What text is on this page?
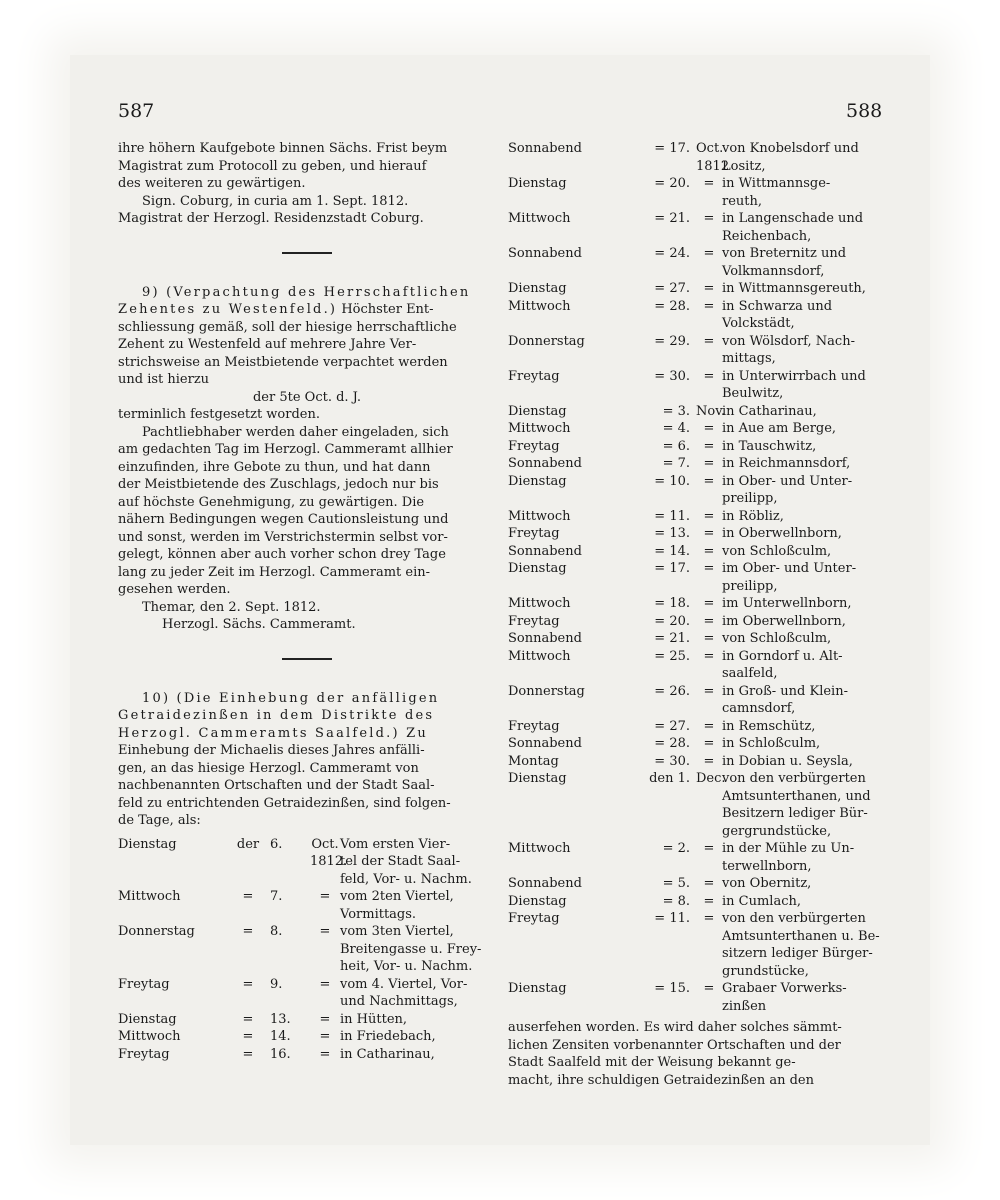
587	588

ihre höhern Kaufgebote binnen Sächs. Frist beym

Magistrat zum Protocoll zu geben, und hierauf

des weiteren zu gewärtigen.

Sign. Coburg, in curia am 1. Sept. 1812.

Magistrat der Herzogl. Residenzstadt Coburg.

9) (Verpachtung des Herrschaftlichen

Zehentes zu Westenfeld.) Höchster Ent-

schliessung gemäß, soll der hiesige herrschaftliche

Zehent zu Westenfeld auf mehrere Jahre Ver-

strichsweise an Meistbietende verpachtet werden

und ist hierzu

der 5te Oct. d. J.

terminlich festgesetzt worden.

Pachtliebhaber werden daher eingeladen, sich

am gedachten Tag im Herzogl. Cammeramt allhier

einzufinden, ihre Gebote zu thun, und hat dann

der Meistbietende des Zuschlags, jedoch nur bis

auf höchste Genehmigung, zu gewärtigen. Die

nähern Bedingungen wegen Cautionsleistung und

und sonst, werden im Verstrichstermin selbst vor-

gelegt, können aber auch vorher schon drey Tage

lang zu jeder Zeit im Herzogl. Cammeramt ein-

gesehen werden.

Themar, den 2. Sept. 1812.

Herzogl. Sächs. Cammeramt.

10) (Die Einhebung der anfälligen

Getraidezinßen in dem Distrikte des

Herzogl. Cammeramts Saalfeld.) Zu

Einhebung der Michaelis dieses Jahres anfälli-

gen, an das hiesige Herzogl. Cammeramt von

nachbenannten Ortschaften und der Stadt Saal-

feld zu entrichtenden Getraidezinßen, sind folgen-

de Tage, als:

Dienstag	der 6.	Oct. 1812.
Vom ersten Vier-
tel der Stadt Saal-
feld, Vor- u. Nachm.
Mittwoch	=	7.	= vom 2ten Viertel,
Vormittags.
Donnerstag	=	8.	= vom 3ten Viertel,
Breitengasse u. Frey-
heit, Vor- u. Nachm.
Freytag	=	9.	= vom 4. Viertel, Vor-
und Nachmittags,
Dienstag	=	13.	= in Hütten,
Mittwoch	=	14.	= in Friedebach,
Freytag	=	16.	= in Catharinau,
Sonnabend	= 17. Oct. 1812
von Knobelsdorf und
Lositz,
Dienstag	= 20.	= in Wittmannsge-
reuth,
Mittwoch	= 21.	= in Langenschade und
Reichenbach,
Sonnabend	= 24.	= von Breternitz und
Volkmannsdorf,
Dienstag	= 27.	= in Wittmannsgereuth,
Mittwoch	= 28.	= in Schwarza und
Volckstädt,
Donnerstag	= 29.	= von Wölsdorf, Nach-
mittags,
Freytag	= 30.	= in Unterwirrbach und
Beulwitz,
Dienstag	= 3. Nov.
in Catharinau,
Mittwoch	= 4.	= in Aue am Berge,
Freytag	= 6.	= in Tauschwitz,
Sonnabend	= 7.	= in Reichmannsdorf,
Dienstag	= 10.	= in Ober- und Unter-
preilipp,
Mittwoch	= 11.	= in Röbliz,
Freytag	= 13.	= in Oberwellnborn,
Sonnabend	= 14.	= von Schloßculm,
Dienstag	= 17.	= im Ober- und Unter-
preilipp,
Mittwoch	= 18.	= im Unterwellnborn,
Freytag	= 20.	= im Oberwellnborn,
Sonnabend	= 21.	= von Schloßculm,
Mittwoch	= 25.	= in Gorndorf u. Alt-
saalfeld,
Donnerstag	= 26.	= in Groß- und Klein-
camnsdorf,
Freytag	= 27.	= in Remschütz,
Sonnabend	= 28.	= in Schloßculm,
Montag	= 30.	= in Dobian u. Seysla,
Dienstag	den 1. Dec.
von den verbürgerten
Amtsunterthanen, und
Besitzern lediger Bür-
gergrundstücke,
Mittwoch	= 2.	= in der Mühle zu Un-
terwellnborn,
Sonnabend	= 5.	= von Obernitz,
Dienstag	= 8.	= in Cumlach,
Freytag	= 11.	= von den verbürgerten
Amtsunterthanen u. Be-
sitzern lediger Bürger-
grundstücke,
Dienstag	= 15.	= Grabaer Vorwerks-
zinßen

auserfehen worden. Es wird daher solches sämmt-

lichen Zensiten vorbenannter Ortschaften und der

Stadt Saalfeld mit der Weisung bekannt ge-

macht, ihre schuldigen Getraidezinßen an den
